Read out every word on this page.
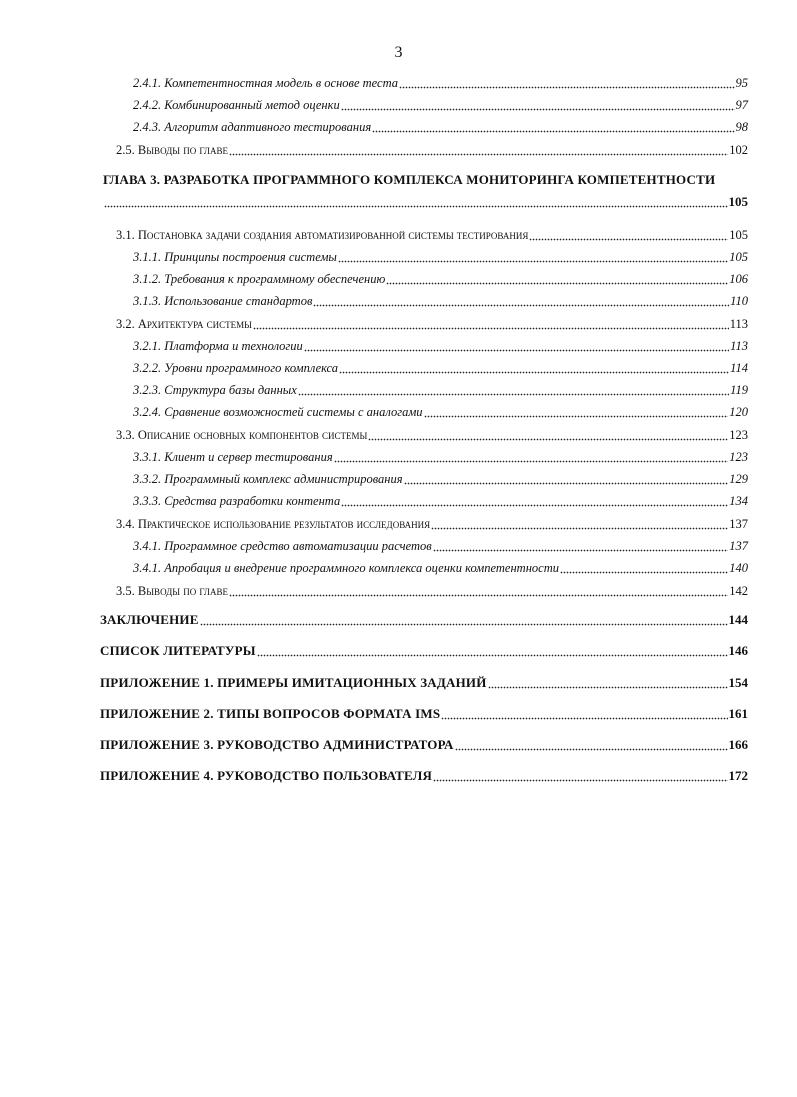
3
2.4.1. Компетентностная модель в основе теста	95
2.4.2. Комбинированный метод оценки	97
2.4.3. Алгоритм адаптивного тестирования	98
2.5. Выводы по главе	102
ГЛАВА 3. РАЗРАБОТКА ПРОГРАММНОГО КОМПЛЕКСА МОНИТОРИНГА КОМПЕТЕНТНОСТИ
105
3.1. Постановка задачи создания автоматизированной системы тестирования	105
3.1.1. Принципы построения системы	105
3.1.2. Требования к программному обеспечению	106
3.1.3. Использование стандартов	110
3.2. Архитектура системы	113
3.2.1. Платформа и технологии	113
3.2.2. Уровни программного комплекса	114
3.2.3. Структура базы данных	119
3.2.4. Сравнение возможностей системы с аналогами	120
3.3. Описание основных компонентов системы	123
3.3.1. Клиент и сервер тестирования	123
3.3.2. Программный комплекс администрирования	129
3.3.3. Средства разработки контента	134
3.4. Практическое использование результатов исследования	137
3.4.1. Программное средство автоматизации расчетов	137
3.4.1. Апробация и внедрение программного комплекса оценки компетентности	140
3.5. Выводы по главе	142
ЗАКЛЮЧЕНИЕ	144
СПИСОК ЛИТЕРАТУРЫ	146
ПРИЛОЖЕНИЕ 1. ПРИМЕРЫ ИМИТАЦИОННЫХ ЗАДАНИЙ	154
ПРИЛОЖЕНИЕ 2. ТИПЫ ВОПРОСОВ ФОРМАТА IMS	161
ПРИЛОЖЕНИЕ 3. РУКОВОДСТВО АДМИНИСТРАТОРА	166
ПРИЛОЖЕНИЕ 4. РУКОВОДСТВО ПОЛЬЗОВАТЕЛЯ	172
